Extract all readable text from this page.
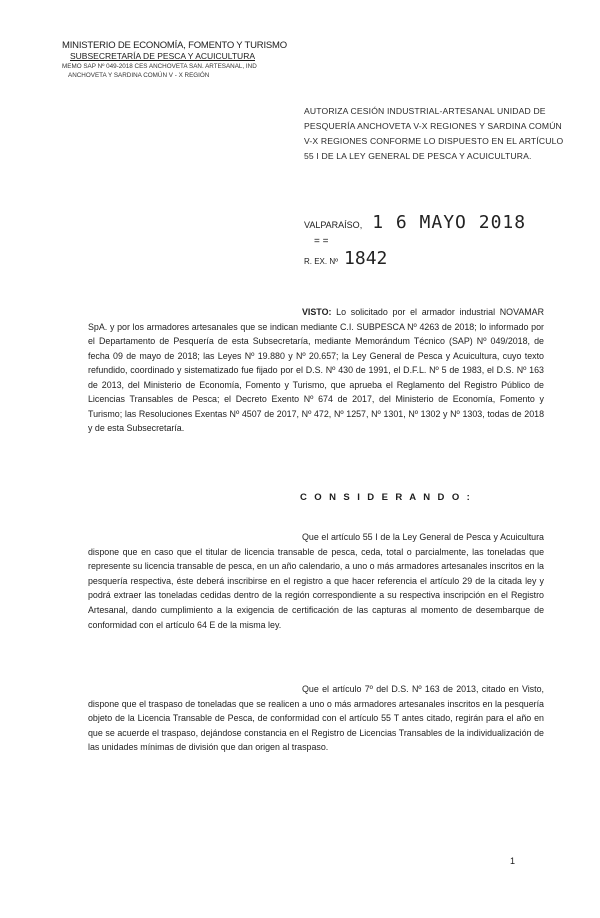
MINISTERIO DE ECONOMÍA, FOMENTO Y TURISMO
SUBSECRETARÍA DE PESCA Y ACUICULTURA
MEMO SAP Nº 049-2018 CES ANCHOVETA SAN. ARTESANAL, IND
ANCHOVETA Y SARDINA COMÚN V - X REGIÓN
AUTORIZA CESIÓN INDUSTRIAL-ARTESANAL UNIDAD DE PESQUERÍA ANCHOVETA V-X REGIONES Y SARDINA COMÚN V-X REGIONES CONFORME LO DISPUESTO EN EL ARTÍCULO 55 I DE LA LEY GENERAL DE PESCA Y ACUICULTURA.
VALPARAÍSO, 1 6 MAYO 2018
= =
R. EX. Nº 1842
VISTO: Lo solicitado por el armador industrial NOVAMAR SpA. y por los armadores artesanales que se indican mediante C.I. SUBPESCA Nº 4263 de 2018; lo informado por el Departamento de Pesquería de esta Subsecretaría, mediante Memorándum Técnico (SAP) Nº 049/2018, de fecha 09 de mayo de 2018; las Leyes Nº 19.880 y Nº 20.657; la Ley General de Pesca y Acuicultura, cuyo texto refundido, coordinado y sistematizado fue fijado por el D.S. Nº 430 de 1991, el D.F.L. Nº 5 de 1983, el D.S. Nº 163 de 2013, del Ministerio de Economía, Fomento y Turismo, que aprueba el Reglamento del Registro Público de Licencias Transables de Pesca; el Decreto Exento Nº 674 de 2017, del Ministerio de Economía, Fomento y Turismo; las Resoluciones Exentas Nº 4507 de 2017, Nº 472, Nº 1257, Nº 1301, Nº 1302 y Nº 1303, todas de 2018 y de esta Subsecretaría.
C O N S I D E R A N D O :
Que el artículo 55 I de la Ley General de Pesca y Acuicultura dispone que en caso que el titular de licencia transable de pesca, ceda, total o parcialmente, las toneladas que represente su licencia transable de pesca, en un año calendario, a uno o más armadores artesanales inscritos en la pesquería respectiva, éste deberá inscribirse en el registro a que hacer referencia el artículo 29 de la citada ley y podrá extraer las toneladas cedidas dentro de la región correspondiente a su respectiva inscripción en el Registro Artesanal, dando cumplimiento a la exigencia de certificación de las capturas al momento de desembarque de conformidad con el artículo 64 E de la misma ley.
Que el artículo 7º del D.S. Nº 163 de 2013, citado en Visto, dispone que el traspaso de toneladas que se realicen a uno o más armadores artesanales inscritos en la pesquería objeto de la Licencia Transable de Pesca, de conformidad con el artículo 55 T antes citado, regirán para el año en que se acuerde el traspaso, dejándose constancia en el Registro de Licencias Transables de la individualización de las unidades mínimas de división que dan origen al traspaso.
1
